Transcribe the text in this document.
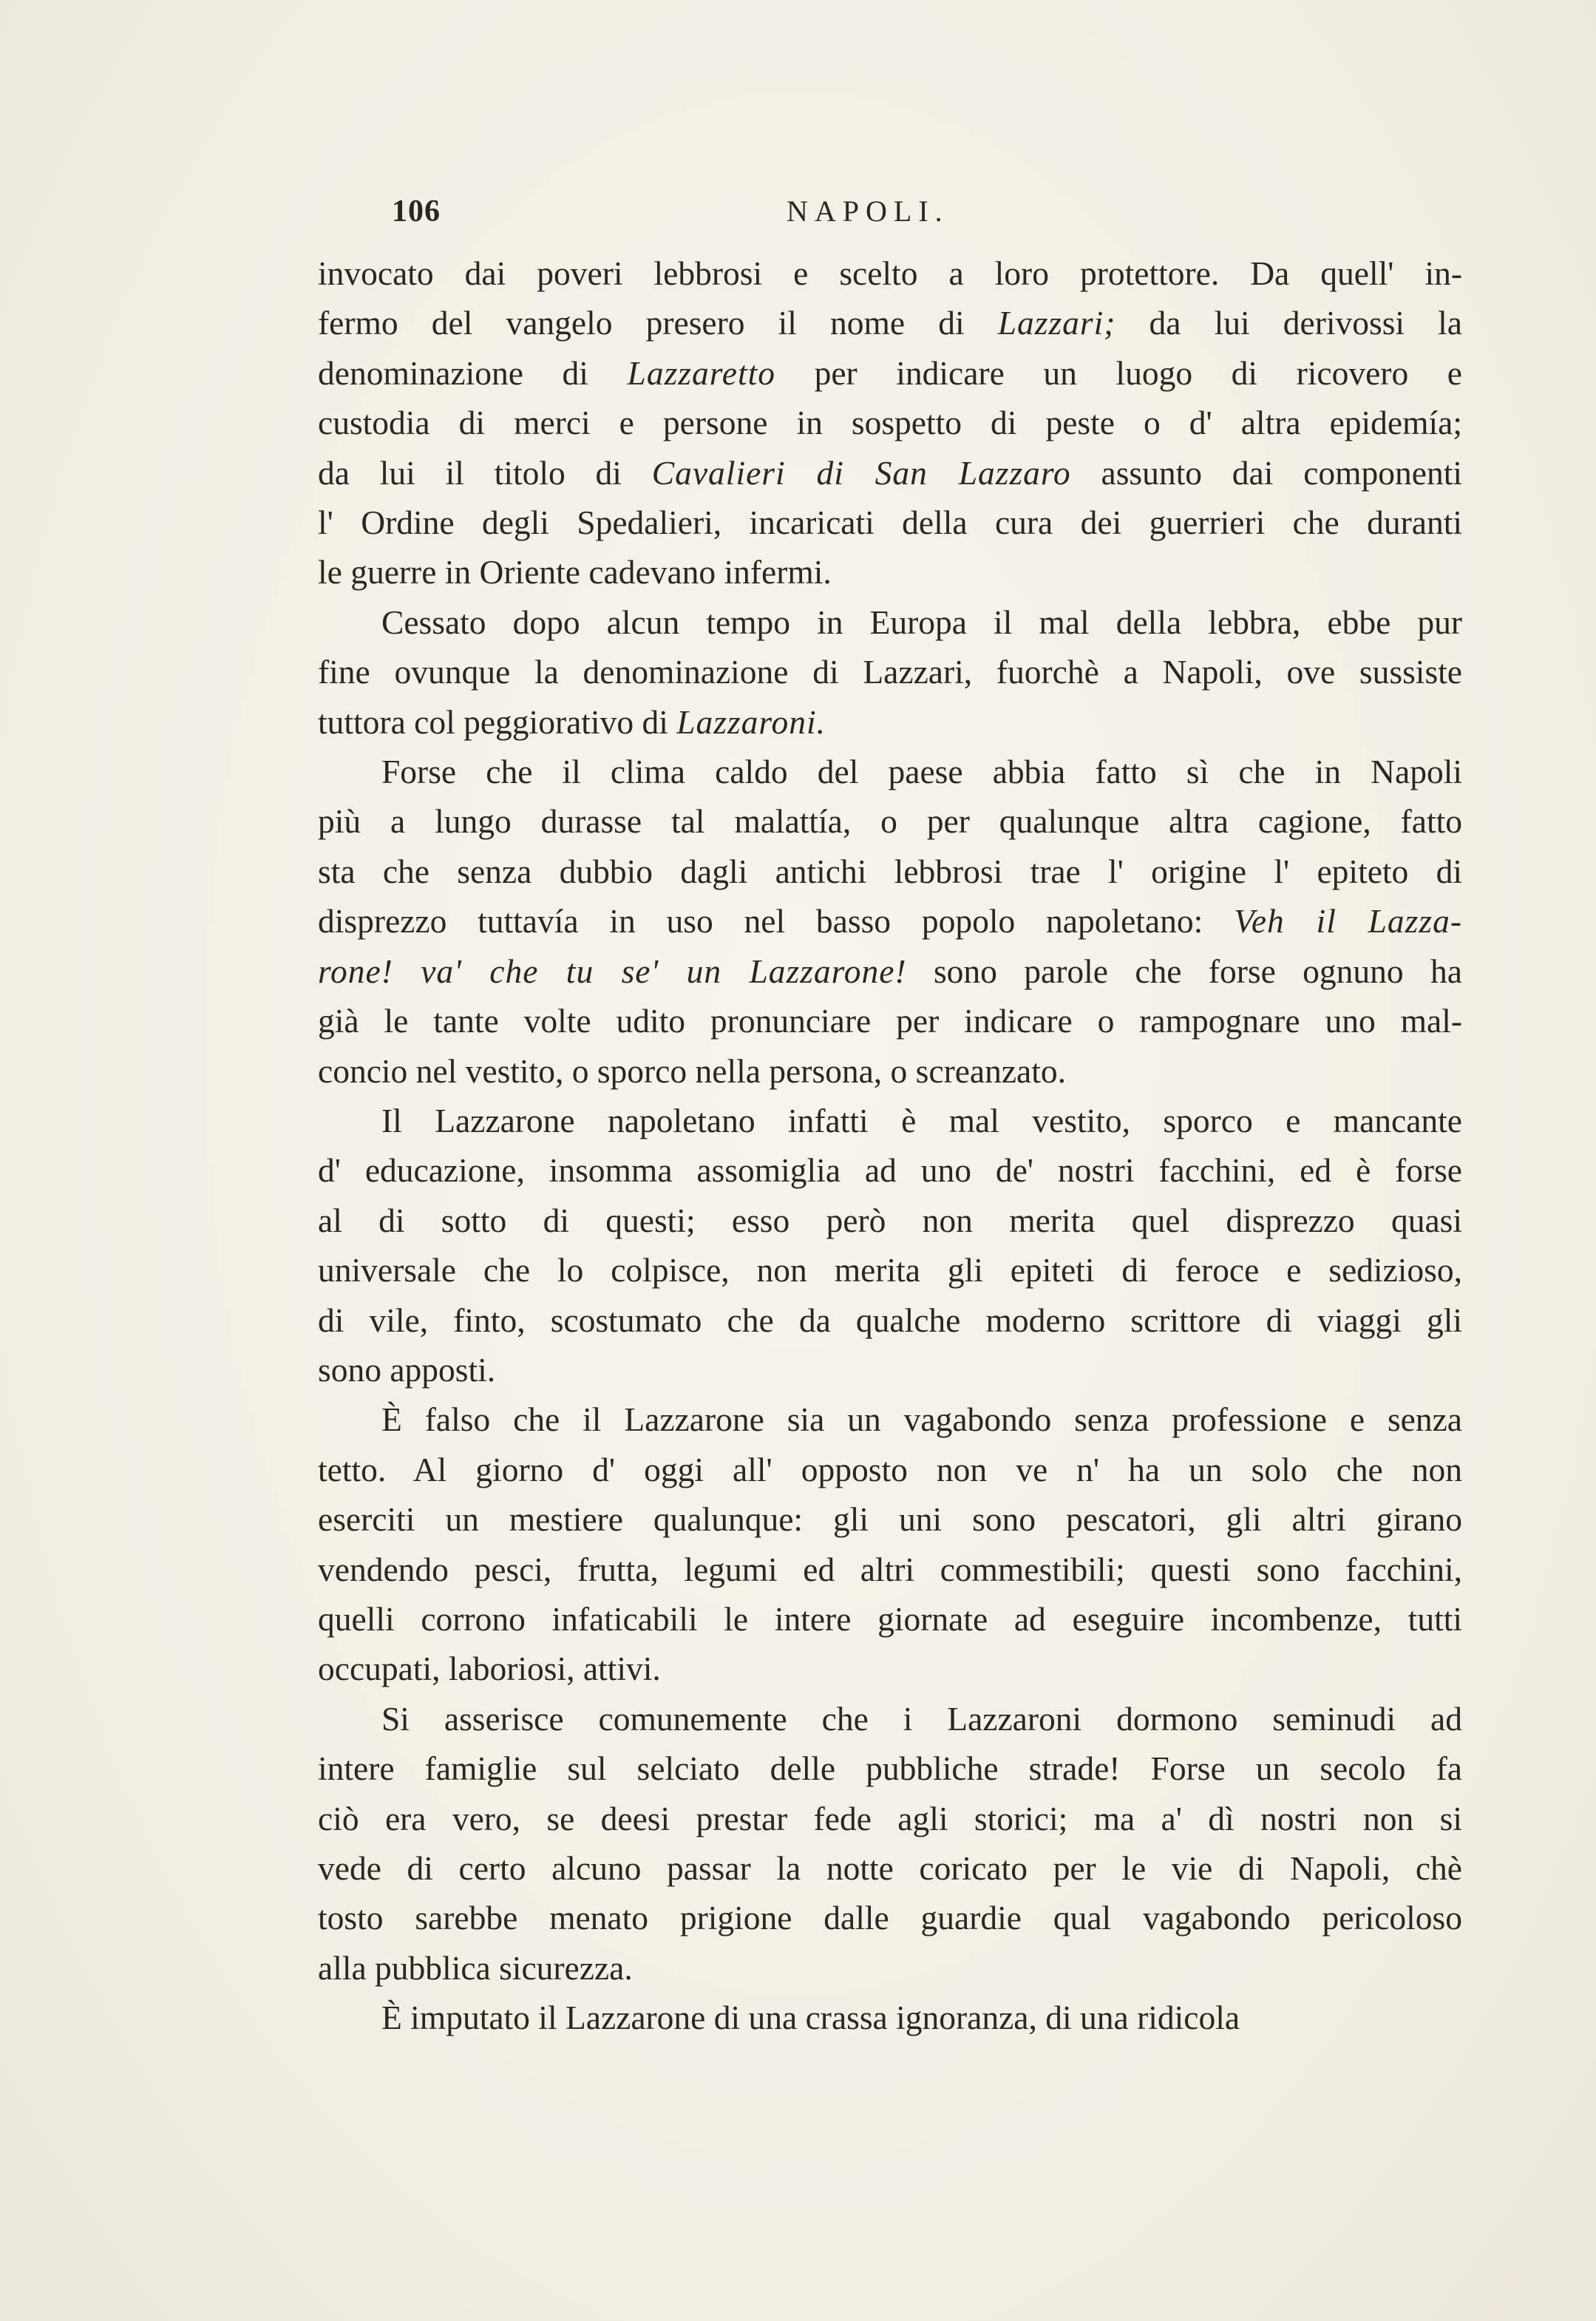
106	NAPOLI.

invocato dai poveri lebbrosi e scelto a loro protettore. Da quell' in-
fermo del vangelo presero il nome di Lazzari; da lui derivossi la
denominazione di Lazzaretto per indicare un luogo di ricovero e
custodia di merci e persone in sospetto di peste o d' altra epidemía;
da lui il titolo di Cavalieri di San Lazzaro assunto dai componenti
l' Ordine degli Spedalieri, incaricati della cura dei guerrieri che duranti
le guerre in Oriente cadevano infermi.

Cessato dopo alcun tempo in Europa il mal della lebbra, ebbe pur
fine ovunque la denominazione di Lazzari, fuorchè a Napoli, ove sussiste
tuttora col peggiorativo di Lazzaroni.

Forse che il clima caldo del paese abbia fatto sì che in Napoli
più a lungo durasse tal malattía, o per qualunque altra cagione, fatto
sta che senza dubbio dagli antichi lebbrosi trae l' origine l' epiteto di
disprezzo tuttavía in uso nel basso popolo napoletano: Veh il Lazza-
rone! va' che tu se' un Lazzarone! sono parole che forse ognuno ha
già le tante volte udito pronunciare per indicare o rampognare uno mal-
concio nel vestito, o sporco nella persona, o screanzato.

Il Lazzarone napoletano infatti è mal vestito, sporco e mancante
d' educazione, insomma assomiglia ad uno de' nostri facchini, ed è forse
al di sotto di questi; esso però non merita quel disprezzo quasi
universale che lo colpisce, non merita gli epiteti di feroce e sedizioso,
di vile, finto, scostumato che da qualche moderno scrittore di viaggi gli
sono apposti.

È falso che il Lazzarone sia un vagabondo senza professione e senza
tetto. Al giorno d' oggi all' opposto non ve n' ha un solo che non
eserciti un mestiere qualunque: gli uni sono pescatori, gli altri girano
vendendo pesci, frutta, legumi ed altri commestibili; questi sono facchini,
quelli corrono infaticabili le intere giornate ad eseguire incombenze, tutti
occupati, laboriosi, attivi.

Si asserisce comunemente che i Lazzaroni dormono seminudi ad
intere famiglie sul selciato delle pubbliche strade! Forse un secolo fa
ciò era vero, se deesi prestar fede agli storici; ma a' dì nostri non si
vede di certo alcuno passar la notte coricato per le vie di Napoli, chè
tosto sarebbe menato prigione dalle guardie qual vagabondo pericoloso
alla pubblica sicurezza.

È imputato il Lazzarone di una crassa ignoranza, di una ridicola
